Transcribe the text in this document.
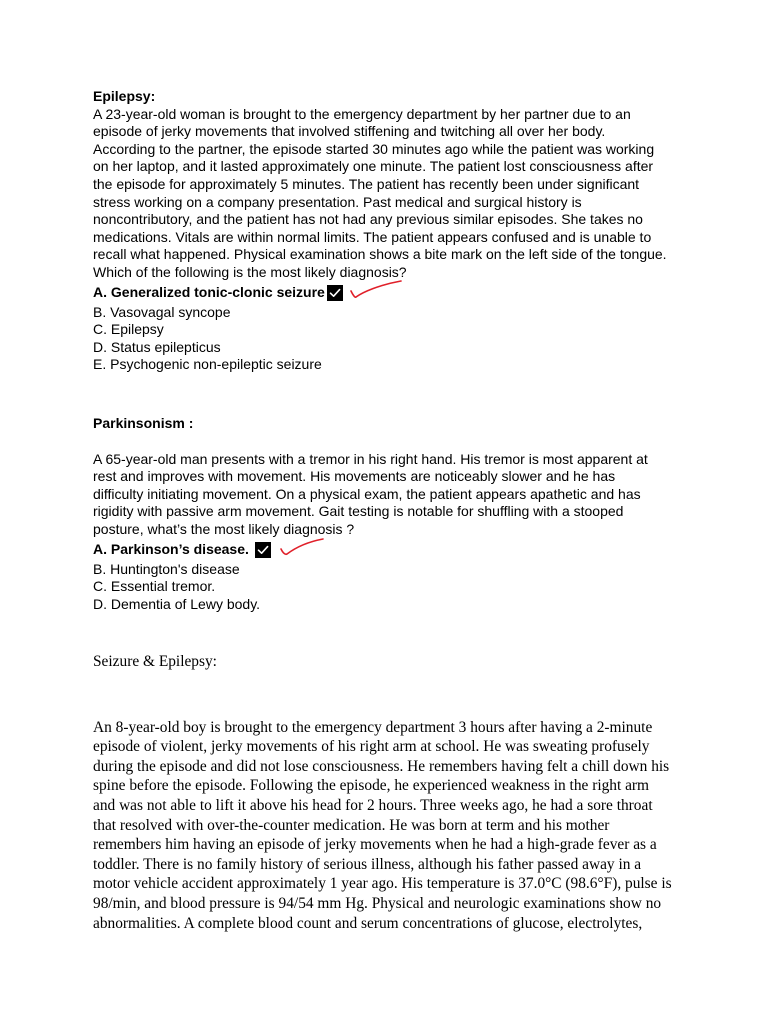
Epilepsy:

A 23-year-old woman is brought to the emergency department by her partner due to an
episode of jerky movements that involved stiffening and twitching all over her body.
According to the partner, the episode started 30 minutes ago while the patient was working
on her laptop, and it lasted approximately one minute. The patient lost consciousness after
the episode for approximately 5 minutes. The patient has recently been under significant
stress working on a company presentation. Past medical and surgical history is
noncontributory, and the patient has not had any previous similar episodes. She takes no
medications. Vitals are within normal limits. The patient appears confused and is unable to
recall what happened. Physical examination shows a bite mark on the left side of the tongue.
Which of the following is the most likely diagnosis?
A. Generalized tonic-clonic seizure
B. Vasovagal syncope
C. Epilepsy
D. Status epilepticus
E. Psychogenic non-epileptic seizure

Parkinsonism :

A 65-year-old man presents with a tremor in his right hand. His tremor is most apparent at
rest and improves with movement. His movements are noticeably slower and he has
difficulty initiating movement. On a physical exam, the patient appears apathetic and has
rigidity with passive arm movement. Gait testing is notable for shuffling with a stooped
posture, what’s the most likely diagnosis ?
A. Parkinson’s disease.
B. Huntington's disease
C. Essential tremor.
D. Dementia of Lewy body.

Seizure & Epilepsy:

An 8-year-old boy is brought to the emergency department 3 hours after having a 2-minute
episode of violent, jerky movements of his right arm at school. He was sweating profusely
during the episode and did not lose consciousness. He remembers having felt a chill down his
spine before the episode. Following the episode, he experienced weakness in the right arm
and was not able to lift it above his head for 2 hours. Three weeks ago, he had a sore throat
that resolved with over-the-counter medication. He was born at term and his mother
remembers him having an episode of jerky movements when he had a high-grade fever as a
toddler. There is no family history of serious illness, although his father passed away in a
motor vehicle accident approximately 1 year ago. His temperature is 37.0°C (98.6°F), pulse is
98/min, and blood pressure is 94/54 mm Hg. Physical and neurologic examinations show no
abnormalities. A complete blood count and serum concentrations of glucose, electrolytes,
